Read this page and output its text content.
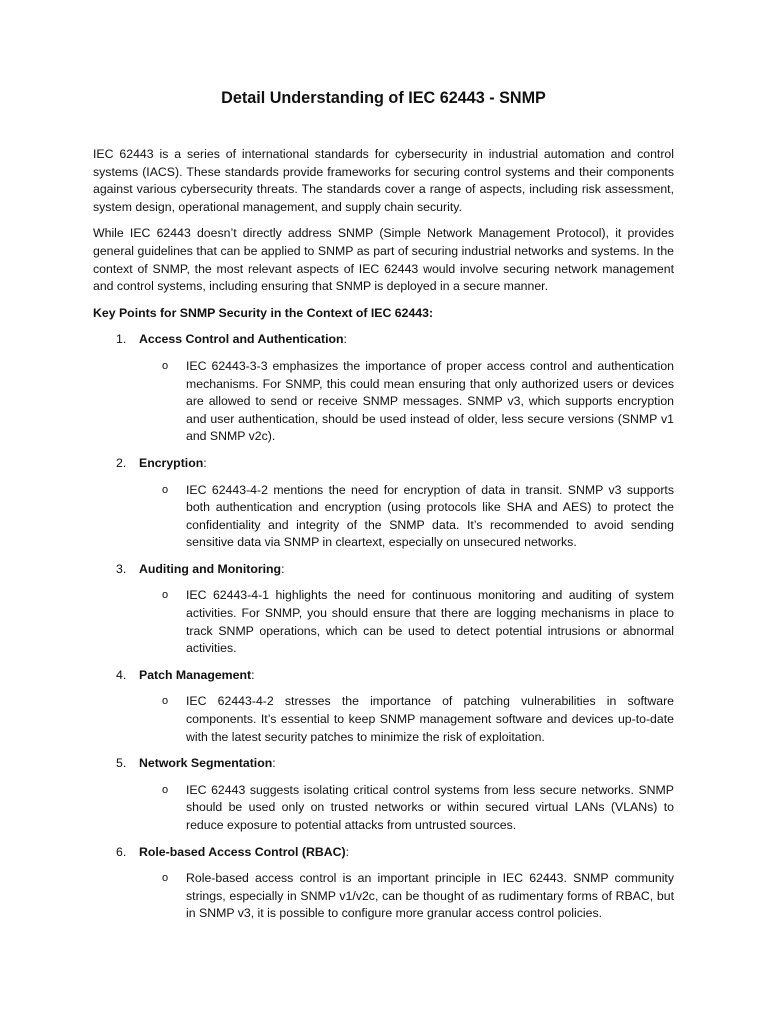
Detail Understanding of IEC 62443 - SNMP

IEC 62443 is a series of international standards for cybersecurity in industrial automation and control systems (IACS). These standards provide frameworks for securing control systems and their components against various cybersecurity threats. The standards cover a range of aspects, including risk assessment, system design, operational management, and supply chain security.

While IEC 62443 doesn’t directly address SNMP (Simple Network Management Protocol), it provides general guidelines that can be applied to SNMP as part of securing industrial networks and systems. In the context of SNMP, the most relevant aspects of IEC 62443 would involve securing network management and control systems, including ensuring that SNMP is deployed in a secure manner.

Key Points for SNMP Security in the Context of IEC 62443:

1.	Access Control and Authentication:
o	IEC 62443-3-3 emphasizes the importance of proper access control and authentication mechanisms. For SNMP, this could mean ensuring that only authorized users or devices are allowed to send or receive SNMP messages. SNMP v3, which supports encryption and user authentication, should be used instead of older, less secure versions (SNMP v1 and SNMP v2c).
2.	Encryption:
o	IEC 62443-4-2 mentions the need for encryption of data in transit. SNMP v3 supports both authentication and encryption (using protocols like SHA and AES) to protect the confidentiality and integrity of the SNMP data. It’s recommended to avoid sending sensitive data via SNMP in cleartext, especially on unsecured networks.
3.	Auditing and Monitoring:
o	IEC 62443-4-1 highlights the need for continuous monitoring and auditing of system activities. For SNMP, you should ensure that there are logging mechanisms in place to track SNMP operations, which can be used to detect potential intrusions or abnormal activities.
4.	Patch Management:
o	IEC 62443-4-2 stresses the importance of patching vulnerabilities in software components. It’s essential to keep SNMP management software and devices up-to-date with the latest security patches to minimize the risk of exploitation.
5.	Network Segmentation:
o	IEC 62443 suggests isolating critical control systems from less secure networks. SNMP should be used only on trusted networks or within secured virtual LANs (VLANs) to reduce exposure to potential attacks from untrusted sources.
6.	Role-based Access Control (RBAC):
o	Role-based access control is an important principle in IEC 62443. SNMP community strings, especially in SNMP v1/v2c, can be thought of as rudimentary forms of RBAC, but in SNMP v3, it is possible to configure more granular access control policies.
